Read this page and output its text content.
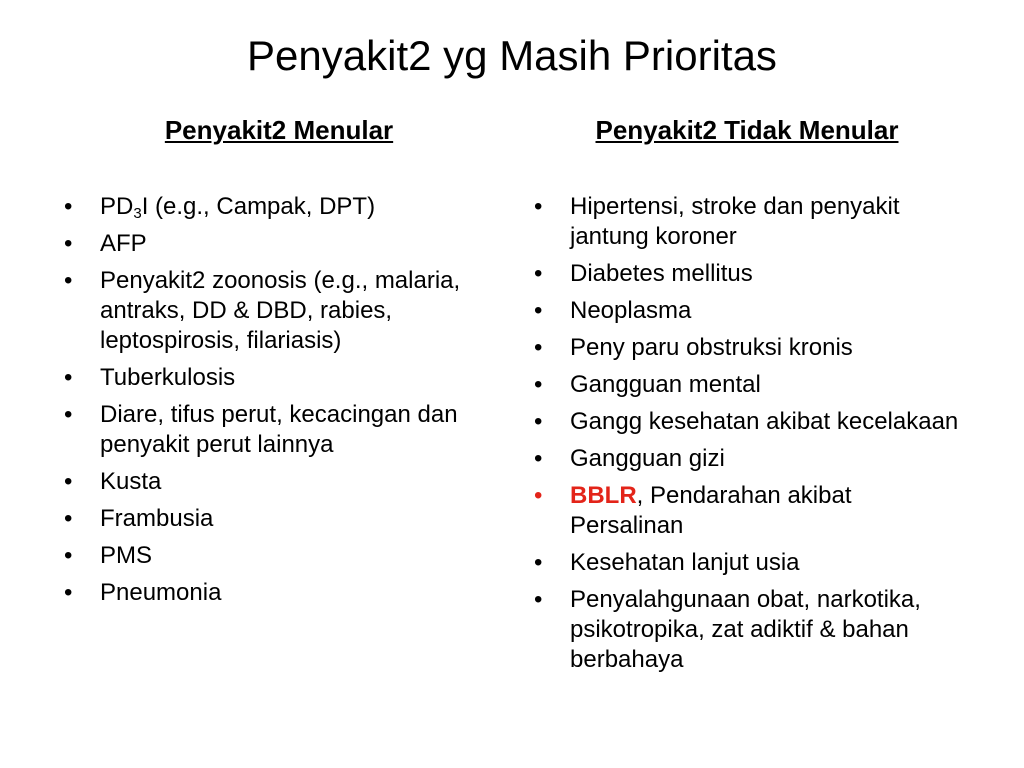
Penyakit2 yg Masih Prioritas
Penyakit2 Menular	Penyakit2 Tidak Menular
• $PD_3I$ (e.g., Campak, DPT)
• AFP
• Penyakit2 zoonosis (e.g., malaria, antraks, DD & DBD, rabies, leptospirosis, filariasis)
• Tuberkulosis
• Diare, tifus perut, kecacingan dan penyakit perut lainnya
• Kusta
• Frambusia
• PMS
• Pneumonia
• Hipertensi, stroke dan penyakit jantung koroner
• Diabetes mellitus
• Neoplasma
• Peny paru obstruksi kronis
• Gangguan mental
• Gangg kesehatan akibat kecelakaan
• Gangguan gizi
• BBLR, Pendarahan akibat Persalinan
• Kesehatan lanjut usia
• Penyalahgunaan obat, narkotika, psikotropika, zat adiktif & bahan berbahaya
